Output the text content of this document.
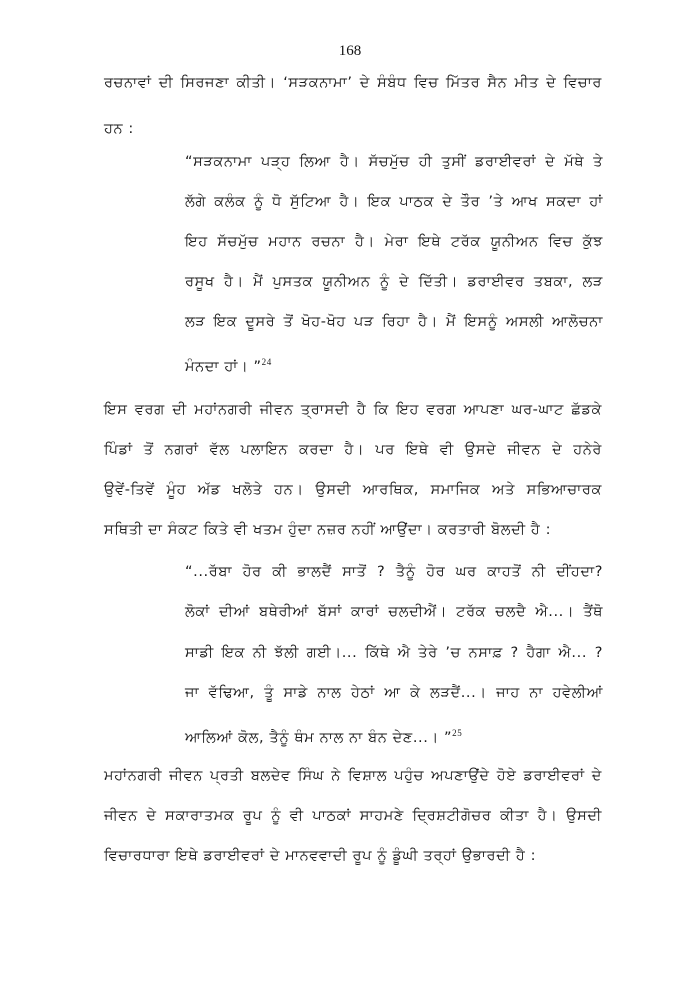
168
ਰਚਨਾਵਾਂ ਦੀ ਸਿਰਜਣਾ ਕੀਤੀ। ‘ਸੜਕਨਾਮਾ’ ਦੇ ਸੰਬੰਧ ਵਿਚ ਮਿੱਤਰ ਸੈਨ ਮੀਤ ਦੇ ਵਿਚਾਰ
ਹਨ :
“ਸੜਕਨਾਮਾ ਪੜ੍ਹ ਲਿਆ ਹੈ। ਸੱਚਮੁੱਚ ਹੀ ਤੁਸੀਂ ਡਰਾਈਵਰਾਂ ਦੇ ਮੱਥੇ ਤੇ
ਲੱਗੇ ਕਲੰਕ ਨੂੰ ਧੋ ਸੁੱਟਿਆ ਹੈ। ਇਕ ਪਾਠਕ ਦੇ ਤੌਰ ’ਤੇ ਆਖ ਸਕਦਾ ਹਾਂ
ਇਹ ਸੱਚਮੁੱਚ ਮਹਾਨ ਰਚਨਾ ਹੈ। ਮੇਰਾ ਇਥੇ ਟਰੱਕ ਯੂਨੀਅਨ ਵਿਚ ਕੁੱਝ
ਰਸੂਖ ਹੈ। ਮੈਂ ਪੁਸਤਕ ਯੂਨੀਅਨ ਨੂੰ ਦੇ ਦਿੱਤੀ। ਡਰਾਈਵਰ ਤਬਕਾ, ਲੜ
ਲੜ ਇਕ ਦੂਸਰੇ ਤੋਂ ਖੋਹ-ਖੋਹ ਪੜ ਰਿਹਾ ਹੈ। ਮੈਂ ਇਸਨੂੰ ਅਸਲੀ ਆਲੋਚਨਾ
ਮੰਨਦਾ ਹਾਂ। ”$^{24}$
ਇਸ ਵਰਗ ਦੀ ਮਹਾਂਨਗਰੀ ਜੀਵਨ ਤ੍ਰਾਸਦੀ ਹੈ ਕਿ ਇਹ ਵਰਗ ਆਪਣਾ ਘਰ-ਘਾਟ ਛੱਡਕੇ
ਪਿੰਡਾਂ ਤੋਂ ਨਗਰਾਂ ਵੱਲ ਪਲਾਇਨ ਕਰਦਾ ਹੈ। ਪਰ ਇਥੇ ਵੀ ਉਸਦੇ ਜੀਵਨ ਦੇ ਹਨੇਰੇ
ਉਵੇਂ-ਤਿਵੇਂ ਮੂੰਹ ਅੱਡ ਖਲੋਤੇ ਹਨ। ਉਸਦੀ ਆਰਥਿਕ, ਸਮਾਜਿਕ ਅਤੇ ਸਭਿਆਚਾਰਕ
ਸਥਿਤੀ ਦਾ ਸੰਕਟ ਕਿਤੇ ਵੀ ਖਤਮ ਹੁੰਦਾ ਨਜ਼ਰ ਨਹੀਂ ਆਉਂਦਾ। ਕਰਤਾਰੀ ਬੋਲਦੀ ਹੈ :
“...ਰੱਬਾ ਹੋਰ ਕੀ ਭਾਲਦੈਂ ਸਾਤੋਂ ? ਤੈਨੂੰ ਹੋਰ ਘਰ ਕਾਹਤੋਂ ਨੀ ਦੀਂਹਦਾ?
ਲੋਕਾਂ ਦੀਆਂ ਬਥੇਰੀਆਂ ਬੱਸਾਂ ਕਾਰਾਂ ਚਲਦੀਐਂ। ਟਰੱਕ ਚਲਦੈ ਐ...। ਤੈਂਥੋ
ਸਾਡੀ ਇਕ ਨੀ ਝੱਲੀ ਗਈ।... ਕਿੱਥੇ ਐ ਤੇਰੇ ’ਚ ਨਸਾਫ਼ ? ਹੈਗਾ ਐ... ?
ਜਾ ਵੱਢਿਆ, ਤੂੰ ਸਾਡੇ ਨਾਲ ਹੇਠਾਂ ਆ ਕੇ ਲੜਦੈਂ...। ਜਾਹ ਨਾ ਹਵੇਲੀਆਂ
ਆਲਿਆਂ ਕੋਲ, ਤੈਨੂੰ ਥੰਮ ਨਾਲ ਨਾ ਬੰਨ ਦੇਣ...। ”$^{25}$
ਮਹਾਂਨਗਰੀ ਜੀਵਨ ਪ੍ਰਤੀ ਬਲਦੇਵ ਸਿੰਘ ਨੇ ਵਿਸ਼ਾਲ ਪਹੁੰਚ ਅਪਣਾਉਂਦੇ ਹੋਏ ਡਰਾਈਵਰਾਂ ਦੇ
ਜੀਵਨ ਦੇ ਸਕਾਰਾਤਮਕ ਰੂਪ ਨੂੰ ਵੀ ਪਾਠਕਾਂ ਸਾਹਮਣੇ ਦ੍ਰਿਸ਼ਟੀਗੋਚਰ ਕੀਤਾ ਹੈ। ਉਸਦੀ
ਵਿਚਾਰਧਾਰਾ ਇਥੇ ਡਰਾਈਵਰਾਂ ਦੇ ਮਾਨਵਵਾਦੀ ਰੂਪ ਨੂੰ ਡੂੰਘੀ ਤਰ੍ਹਾਂ ਉਭਾਰਦੀ ਹੈ :
